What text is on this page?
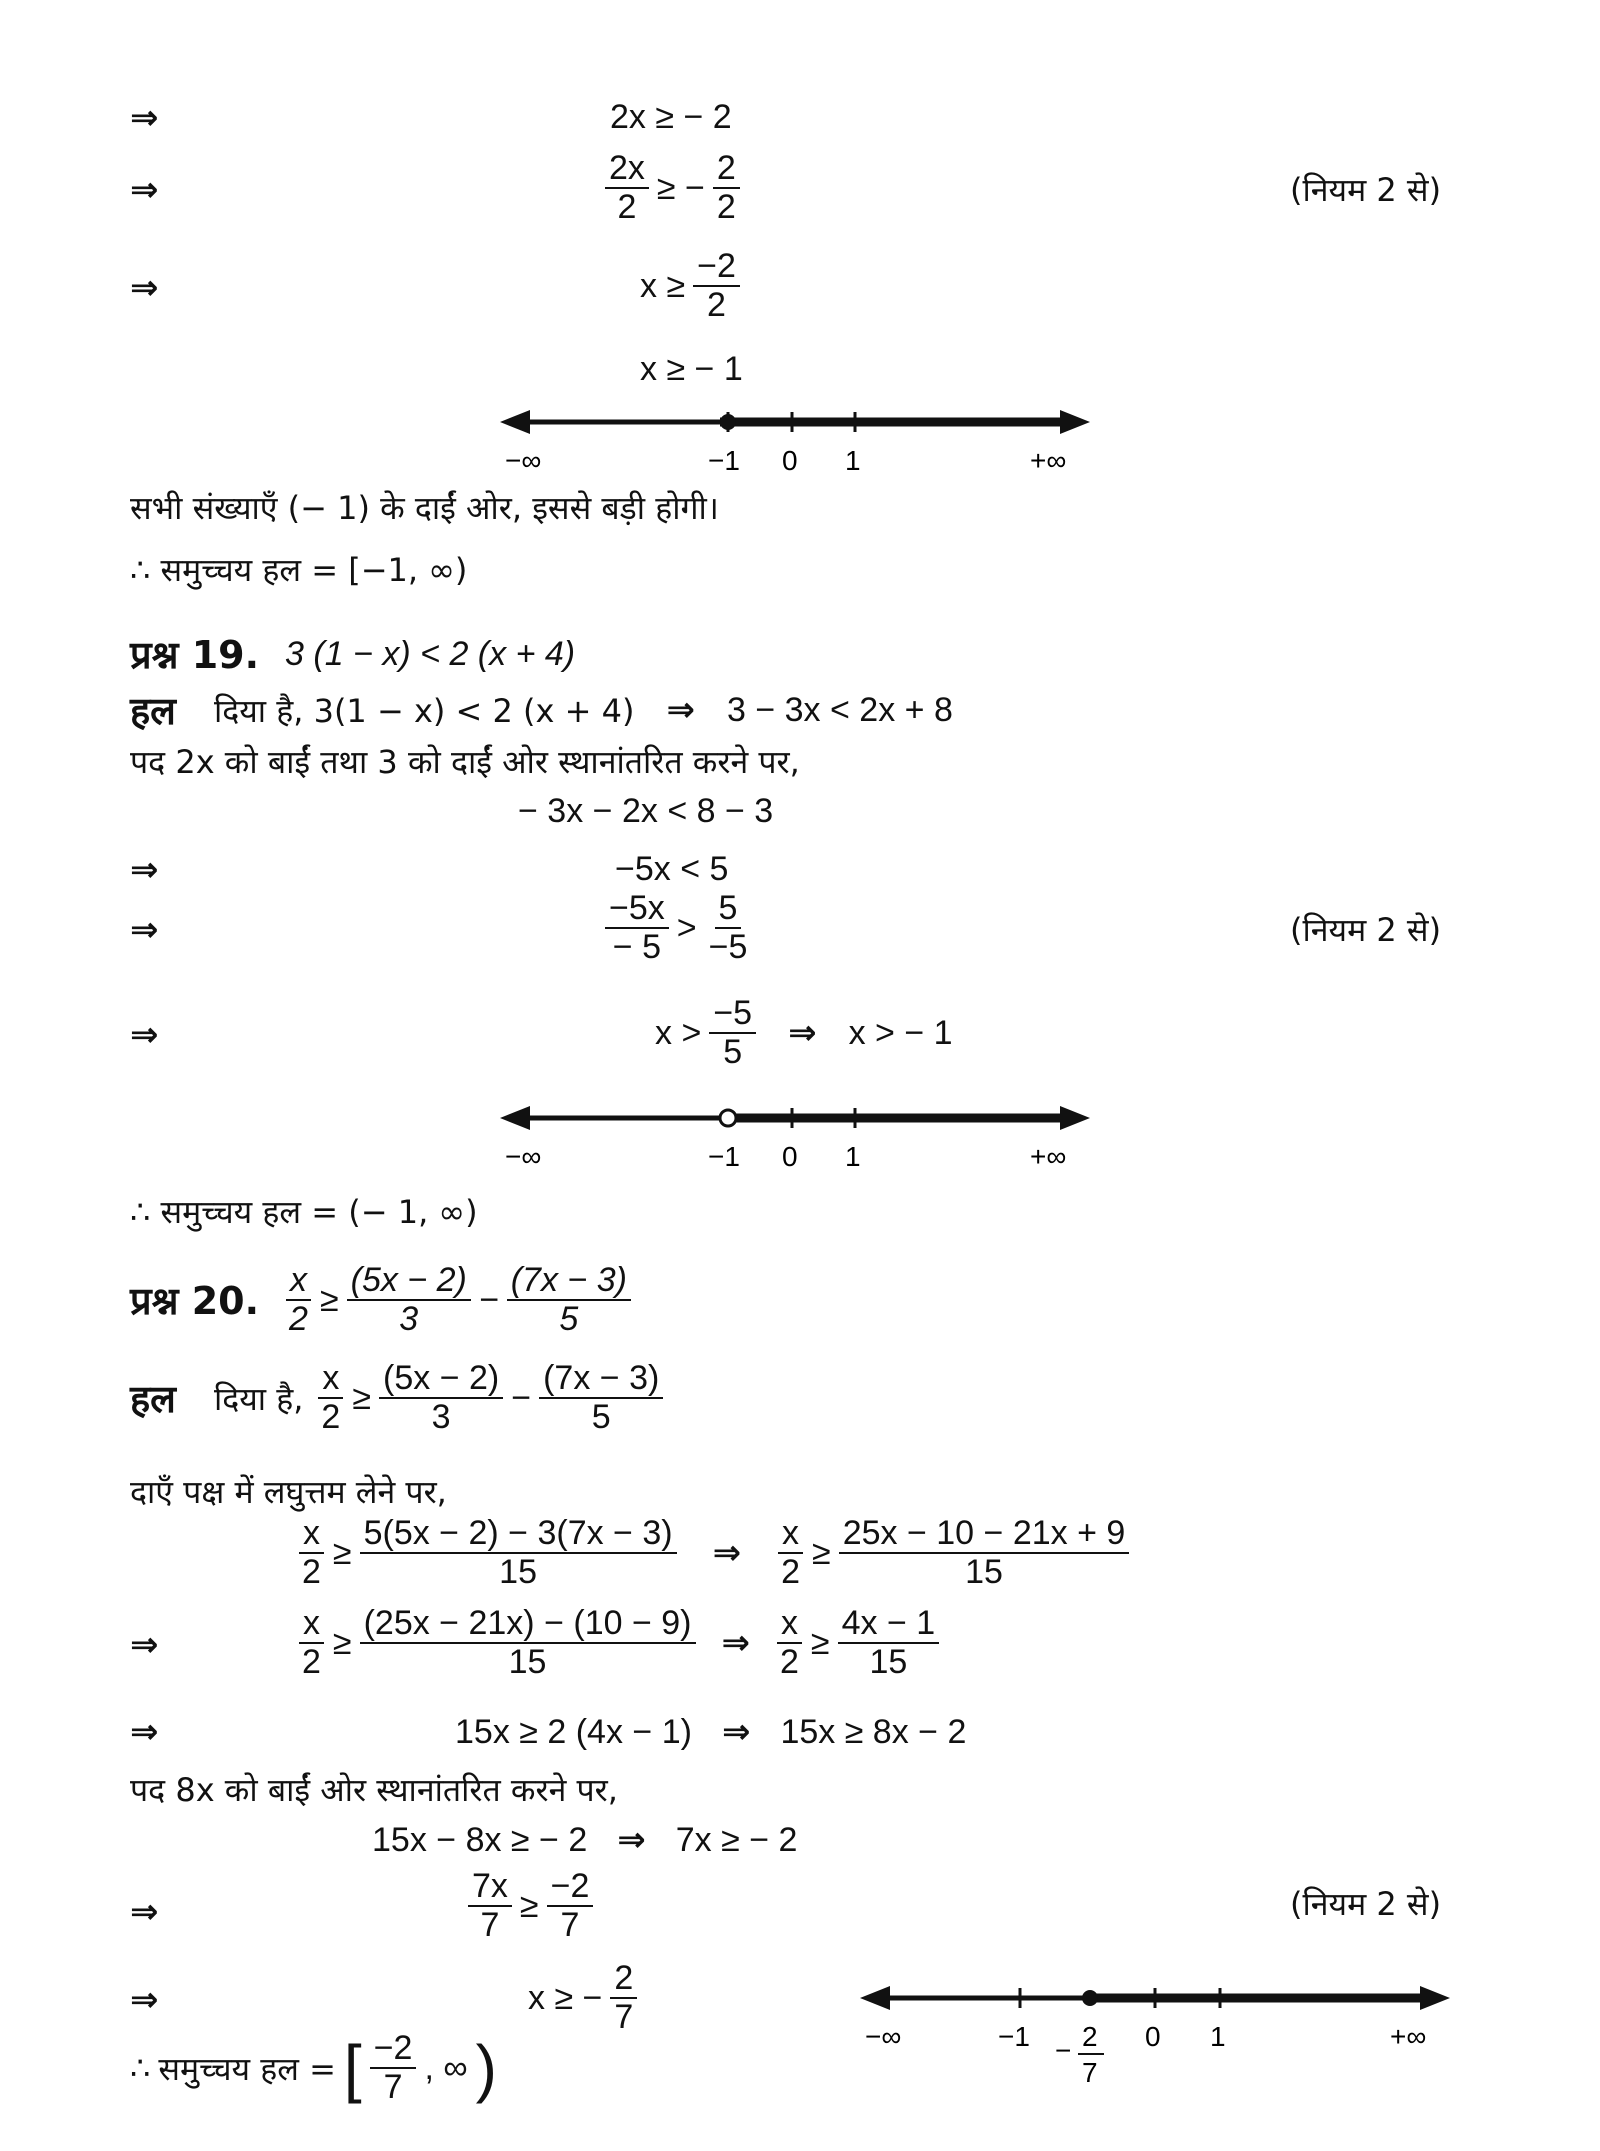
⇒	2x ≥ − 2
⇒	$\frac{2x}{2}$ ≥ − $\frac{2}{2}$	(नियम 2 से)
⇒	$x \ge \frac{-2}{2}$
x ≥ − 1
−∞	−1 0 1	+∞
सभी संख्याएँ (− 1) के दाईं ओर, इससे बड़ी होगी।
∴ समुच्चय हल = [−1, ∞)
प्रश्न 19. 3 (1 − x) < 2 (x + 4)
हल दिया है, 3(1 − x) < 2 (x + 4) ⇒ 3 − 3x < 2x + 8
पद 2x को बाईं तथा 3 को दाईं ओर स्थानांतरित करने पर,
− 3x − 2x < 8 − 3
⇒	−5x < 5
⇒	$\frac{-5x}{- 5} > \frac{5}{-5}$	(नियम 2 से)
⇒	$x > \frac{-5}{5}$ ⇒ x > − 1
−∞	−1 0 1	+∞
∴ समुच्चय हल = (− 1, ∞)
प्रश्न 20. $\frac{x}{2} \ge \frac{(5x - 2)}{3} - \frac{(7x - 3)}{5}$
हल दिया है, $\frac{x}{2} \ge \frac{(5x - 2)}{3} - \frac{(7x - 3)}{5}$
दाएँ पक्ष में लघुत्तम लेने पर,
$\frac{x}{2} \ge \frac{5(5x - 2) - 3(7x - 3)}{15}$ ⇒ $\frac{x}{2} \ge \frac{25x - 10 - 21x + 9}{15}$
⇒	$\frac{x}{2} \ge \frac{(25x - 21x) - (10 - 9)}{15}$ ⇒ $\frac{x}{2} \ge \frac{4x - 1}{15}$
⇒	15x ≥ 2 (4x − 1) ⇒ 15x ≥ 8x − 2
पद 8x को बाईं ओर स्थानांतरित करने पर,
15x − 8x ≥ − 2 ⇒ 7x ≥ − 2
⇒	$\frac{7x}{7} \ge \frac{-2}{7}$	(नियम 2 से)
⇒	x ≥ − $\frac{2}{7}$	−∞	−1	0 1	+∞
− 2
7
∴ समुच्चय हल = [ $\frac{-2}{7}$ , ∞ )
